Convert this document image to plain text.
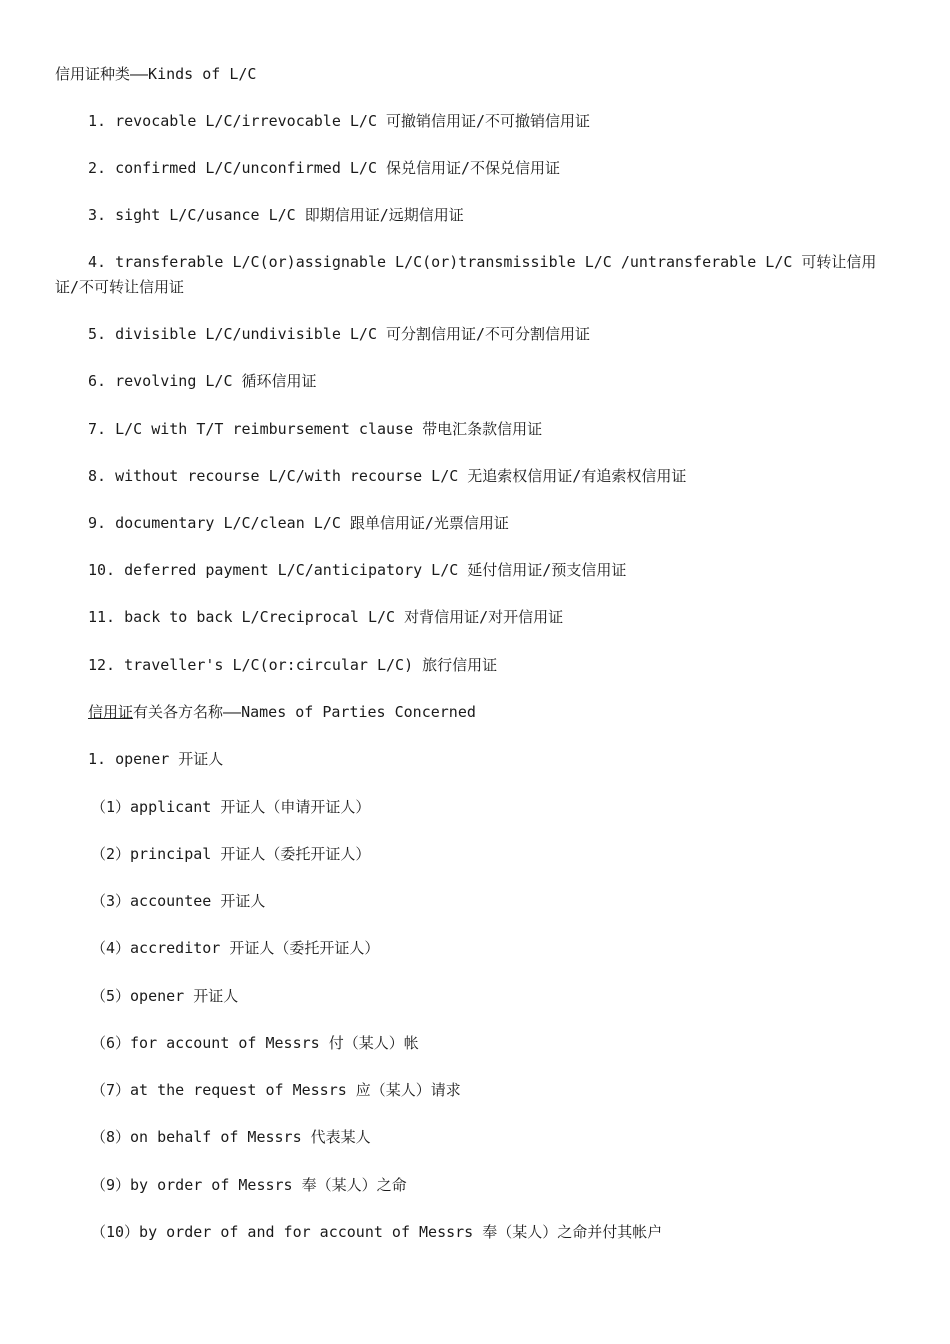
信用证种类——Kinds of L/C
1. revocable L/C/irrevocable L/C 可撤销信用证/不可撤销信用证
2. confirmed L/C/unconfirmed L/C 保兑信用证/不保兑信用证
3. sight L/C/usance L/C 即期信用证/远期信用证
4. transferable L/C(or)assignable L/C(or)transmissible L/C /untransferable L/C 可转让信用证/不可转让信用证
5. divisible L/C/undivisible L/C 可分割信用证/不可分割信用证
6. revolving L/C 循环信用证
7. L/C with T/T reimbursement clause 带电汇条款信用证
8. without recourse L/C/with recourse L/C 无追索权信用证/有追索权信用证
9. documentary L/C/clean L/C 跟单信用证/光票信用证
10. deferred payment L/C/anticipatory L/C 延付信用证/预支信用证
11. back to back L/Creciprocal L/C 对背信用证/对开信用证
12. traveller's L/C(or:circular L/C) 旅行信用证
信用证有关各方名称——Names of Parties Concerned
1. opener 开证人
（1）applicant 开证人（申请开证人）
（2）principal 开证人（委托开证人）
（3）accountee 开证人
（4）accreditor 开证人（委托开证人）
（5）opener 开证人
（6）for account of Messrs 付（某人）帐
（7）at the request of Messrs 应（某人）请求
（8）on behalf of Messrs 代表某人
（9）by order of Messrs 奉（某人）之命
（10）by order of and for account of Messrs 奉（某人）之命并付其帐户
